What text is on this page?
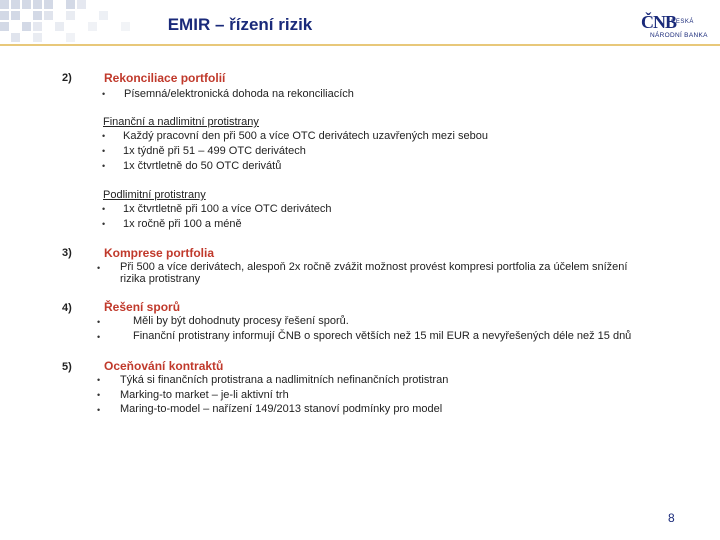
EMIR – řízení rizik	ČNB
ČESKÁ
NÁRODNÍ BANKA
2)	Rekonciliace portfolií
• Písemná/elektronická dohoda na rekonciliacích
Finanční a nadlimitní protistrany
• Každý pracovní den při 500 a více OTC derivátech uzavřených mezi sebou
• 1x týdně při 51 – 499 OTC derivátech
• 1x čtvrtletně do 50 OTC derivátů
Podlimitní protistrany
• 1x čtvrtletně při 100 a více OTC derivátech
• 1x ročně při 100 a méně
3)	Komprese portfolia
• Při 500 a více derivátech, alespoň 2x ročně zvážit možnost provést kompresi portfolia za účelem snížení
rizika protistrany
4)	Řešení sporů
•	Měli by být dohodnuty procesy řešení sporů.
•	Finanční protistrany informují ČNB o sporech větších než 15 mil EUR a nevyřešených déle než 15 dnů
5)	Oceňování kontraktů
• Týká si finančních protistrana a nadlimitních nefinančních protistran
• Marking-to market – je-li aktivní trh
• Maring-to-model – nařízení 149/2013 stanoví podmínky pro model
8
